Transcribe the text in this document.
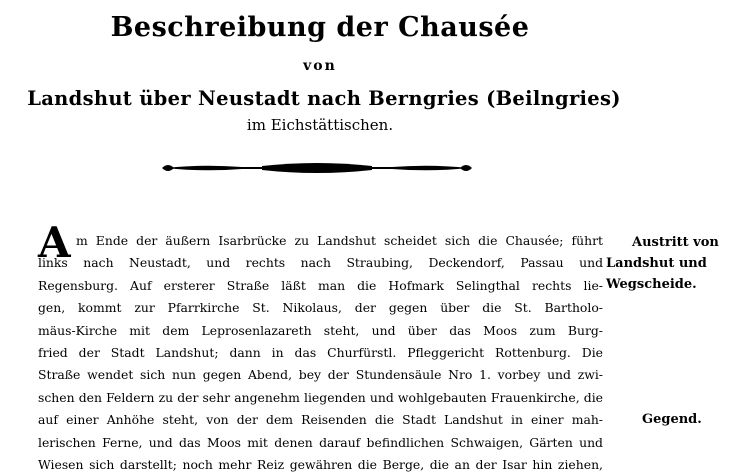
Beschreibung der Chausée
von
Landshut über Neustadt nach Berngries (Beilngries)
im Eichstättischen.
A m Ende der äußern Isarbrücke zu Landshut scheidet sich die Chausée; führt
links nach Neustadt, und rechts nach Straubing, Deckendorf, Passau und
Regensburg. Auf ersterer Straße läßt man die Hofmark Selingthal rechts lie-
gen, kommt zur Pfarrkirche St. Nikolaus, der gegen über die St. Bartholo-
mäus-Kirche mit dem Leprosenlazareth steht, und über das Moos zum Burg-
fried der Stadt Landshut; dann in das Churfürstl. Pfleggericht Rottenburg. Die
Straße wendet sich nun gegen Abend, bey der Stundensäule Nro 1. vorbey und zwi-
schen den Feldern zu der sehr angenehm liegenden und wohlgebauten Frauenkirche, die
auf einer Anhöhe steht, von der dem Reisenden die Stadt Landshut in einer mah-
lerischen Ferne, und das Moos mit denen darauf befindlichen Schwaigen, Gärten und
Wiesen sich darstellt; noch mehr Reiz gewähren die Berge, die an der Isar hin ziehen,
Austritt von
Landshut und
Wegscheide.
Gegend.
